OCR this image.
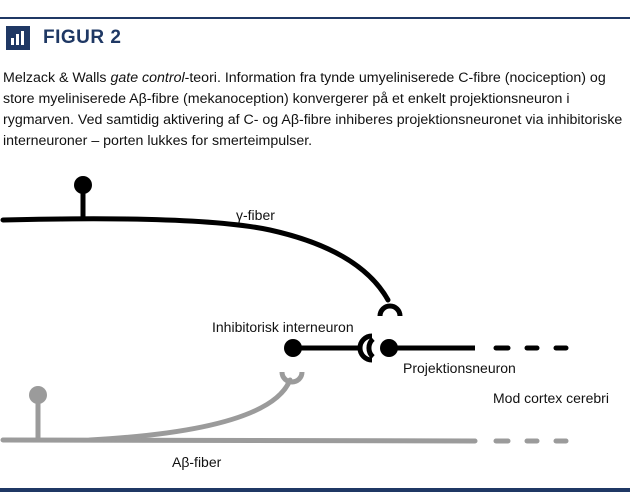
FIGUR 2
Melzack & Walls gate control-teori. Information fra tynde umyeliniserede C-fibre (nociception) og store myeliniserede Aβ-fibre (mekanoception) konvergerer på et enkelt projektionsneuron i rygmarven. Ved samtidig aktivering af C- og Aβ-fibre inhiberes projektionsneuronet via inhibitoriske interneuroner – porten lukkes for smerteimpulser.
γ-fiber
Inhibitorisk interneuron
Projektionsneuron
Mod cortex cerebri
Aβ-fiber
